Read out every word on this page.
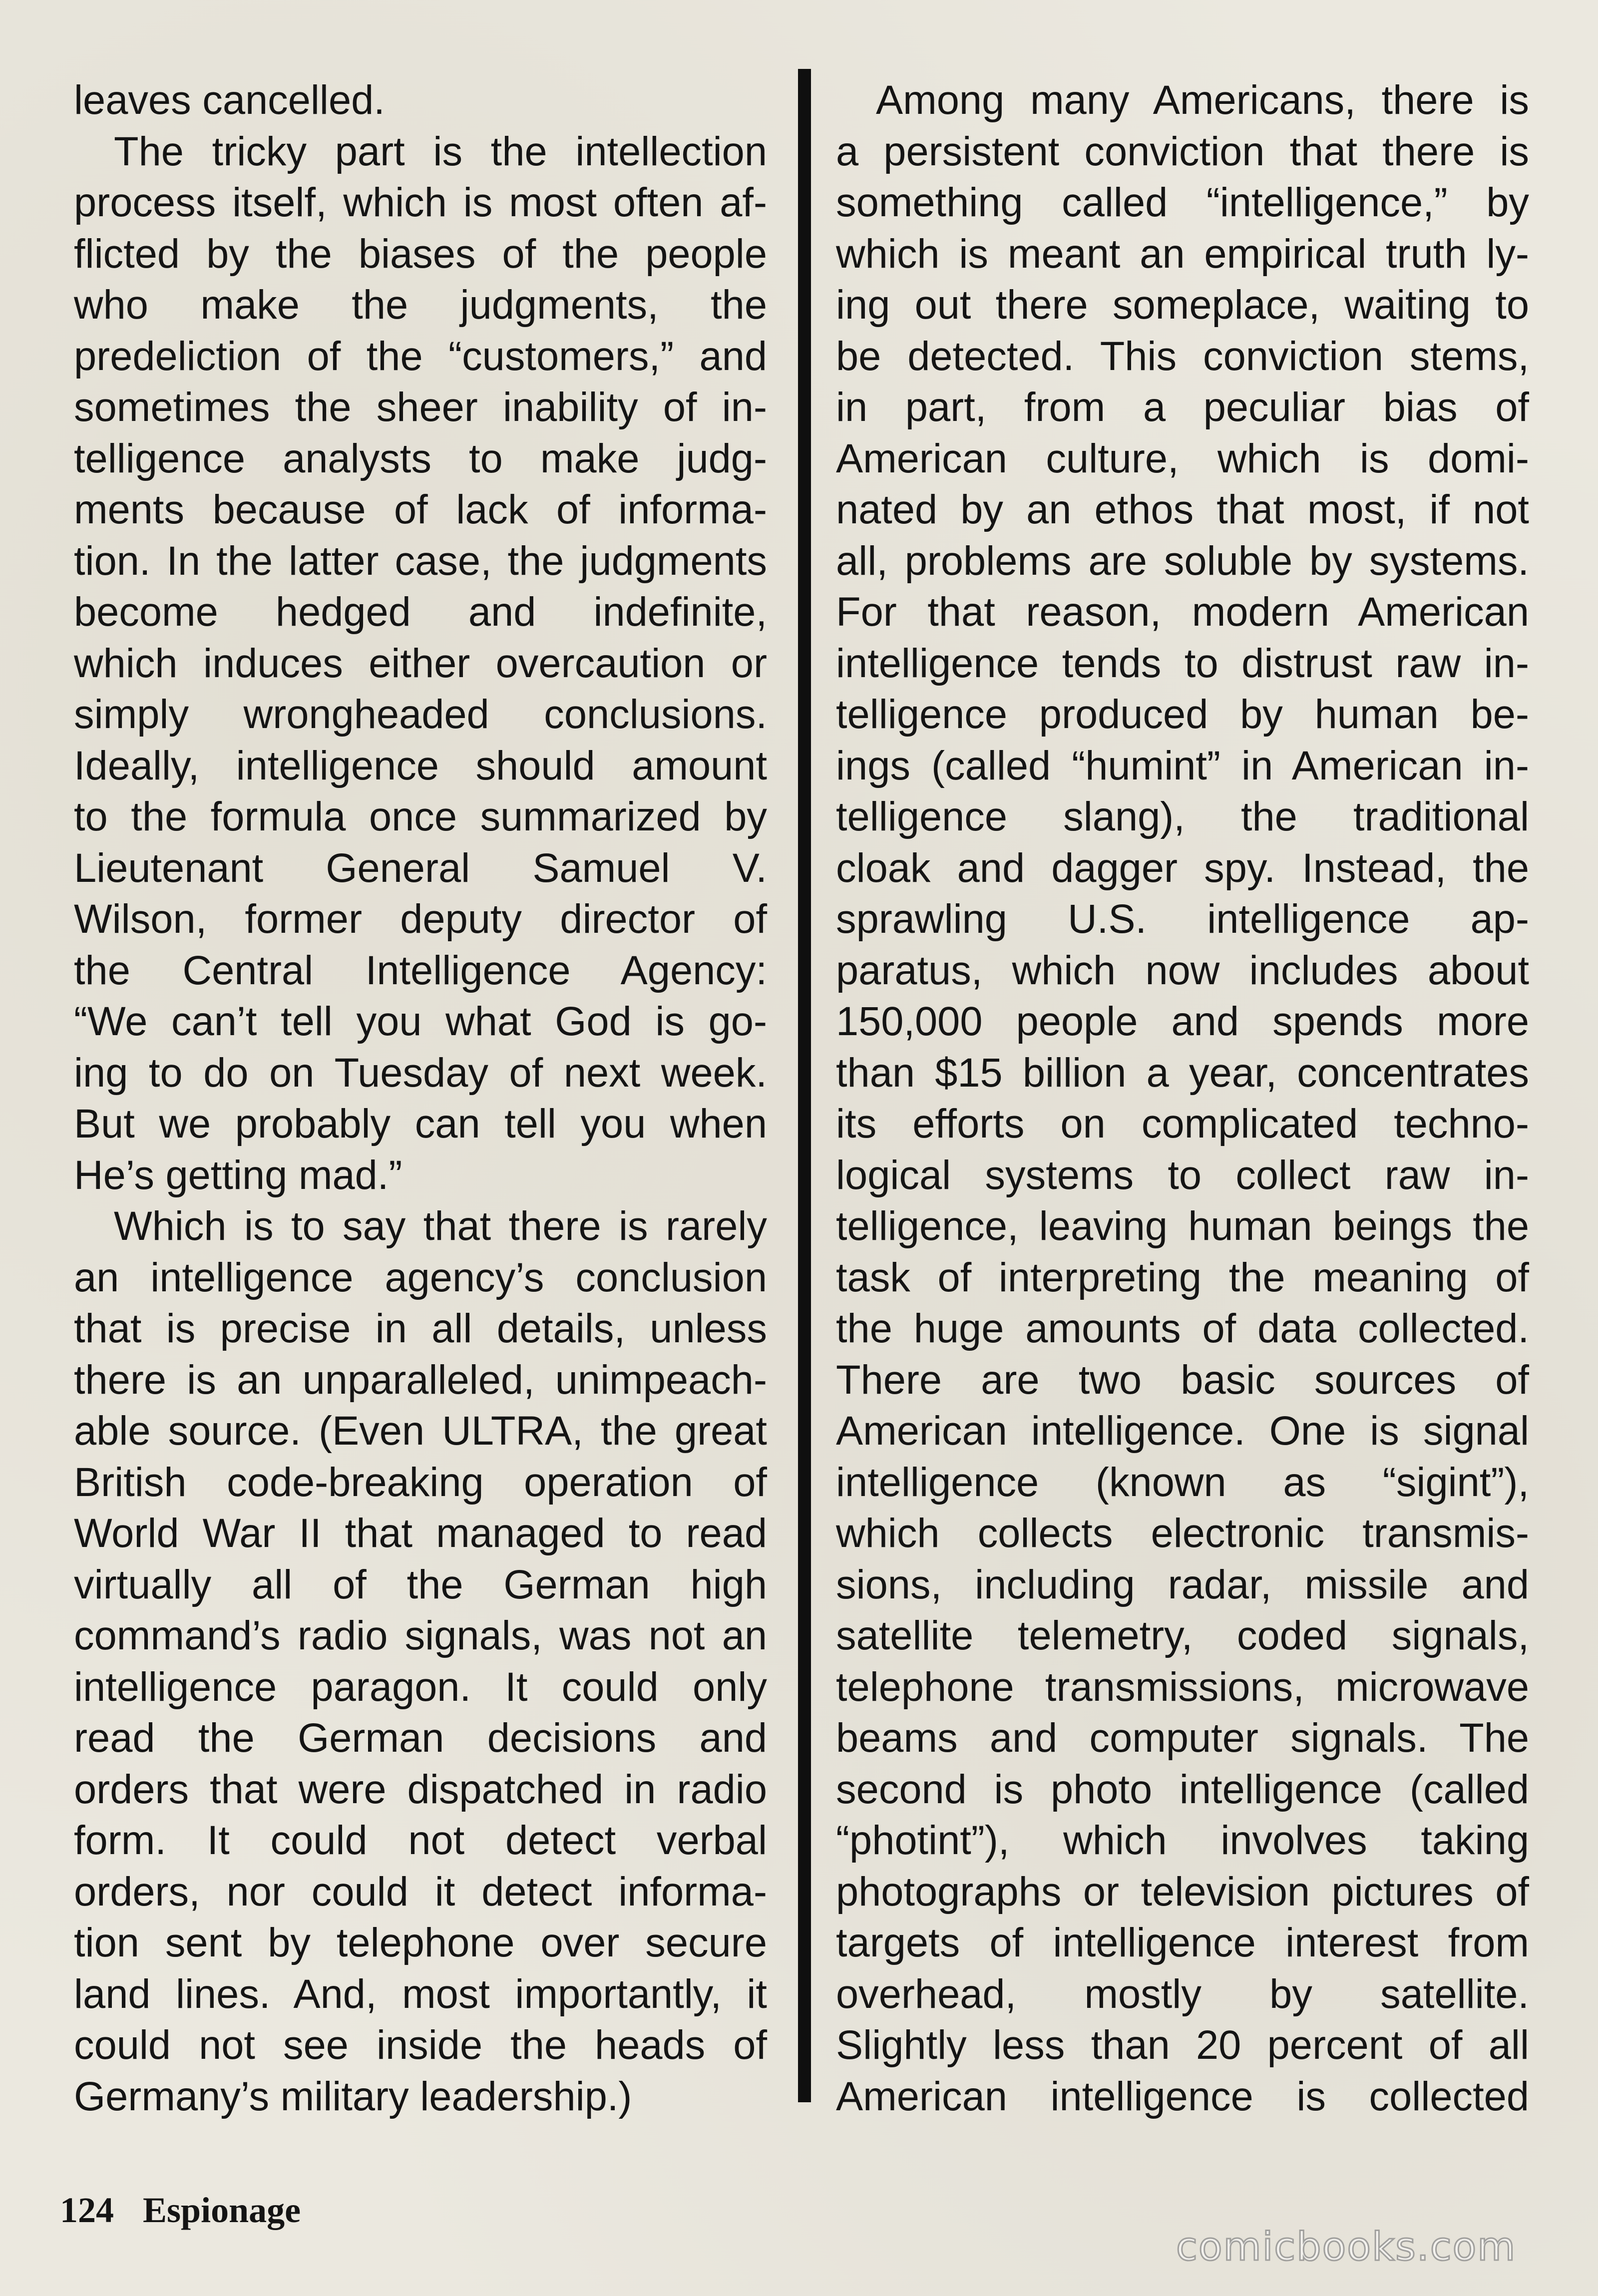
leaves cancelled.
The tricky part is the intellection
process itself, which is most often af-
flicted by the biases of the people
who make the judgments, the
predeliction of the “customers,” and
sometimes the sheer inability of in-
telligence analysts to make judg-
ments because of lack of informa-
tion. In the latter case, the judgments
become hedged and indefinite,
which induces either overcaution or
simply wrongheaded conclusions.
Ideally, intelligence should amount
to the formula once summarized by
Lieutenant General Samuel V.
Wilson, former deputy director of
the Central Intelligence Agency:
“We can’t tell you what God is go-
ing to do on Tuesday of next week.
But we probably can tell you when
He’s getting mad.”
Which is to say that there is rarely
an intelligence agency’s conclusion
that is precise in all details, unless
there is an unparalleled, unimpeach-
able source. (Even ULTRA, the great
British code-breaking operation of
World War II that managed to read
virtually all of the German high
command’s radio signals, was not an
intelligence paragon. It could only
read the German decisions and
orders that were dispatched in radio
form. It could not detect verbal
orders, nor could it detect informa-
tion sent by telephone over secure
land lines. And, most importantly, it
could not see inside the heads of
Germany’s military leadership.)
Among many Americans, there is
a persistent conviction that there is
something called “intelligence,” by
which is meant an empirical truth ly-
ing out there someplace, waiting to
be detected. This conviction stems,
in part, from a peculiar bias of
American culture, which is domi-
nated by an ethos that most, if not
all, problems are soluble by systems.
For that reason, modern American
intelligence tends to distrust raw in-
telligence produced by human be-
ings (called “humint” in American in-
telligence slang), the traditional
cloak and dagger spy. Instead, the
sprawling U.S. intelligence ap-
paratus, which now includes about
150,000 people and spends more
than $15 billion a year, concentrates
its efforts on complicated techno-
logical systems to collect raw in-
telligence, leaving human beings the
task of interpreting the meaning of
the huge amounts of data collected.
There are two basic sources of
American intelligence. One is signal
intelligence (known as “sigint”),
which collects electronic transmis-
sions, including radar, missile and
satellite telemetry, coded signals,
telephone transmissions, microwave
beams and computer signals. The
second is photo intelligence (called
“photint”), which involves taking
photographs or television pictures of
targets of intelligence interest from
overhead, mostly by satellite.
Slightly less than 20 percent of all
American intelligence is collected
124 Espionage
comicbooks.com
